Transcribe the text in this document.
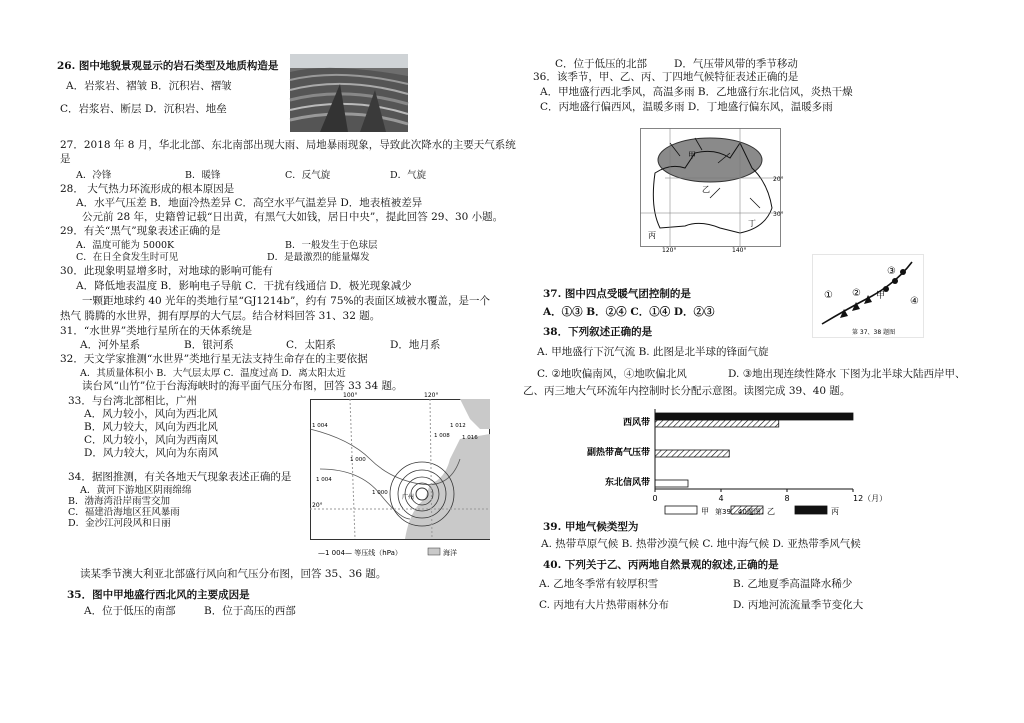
26. 图中地貌景观显示的岩石类型及地质构造是
A．岩浆岩、褶皱 B．沉积岩、褶皱
C．岩浆岩、断层 D．沉积岩、地垒
27．2018 年 8 月，华北北部、东北南部出现大雨、局地暴雨现象，导致此次降水的主要天气系统
是
A．冷锋	B．暖锋	C．反气旋	D．气旋
28． 大气热力环流形成的根本原因是
A．水平气压差 B．地面冷热差异 C．高空水平气温差异 D．地表植被差异
公元前 28 年，史籍曾记载“日出黄，有黑气大如钱，居日中央”，提此回答 29、30 小题。
29．有关“黑气”现象表述正确的是
A．温度可能为 5000K	B．一般发生于色球层
C．在日全食发生时可见	D．是最激烈的能量爆发
30．此现象明显增多时，对地球的影响可能有
A．降低地表温度 B．影响电子导航 C．干扰有线通信 D．极光现象减少
一颗距地球约 40 光年的类地行星“GJ1214b”，约有 75%的表面区域被水覆盖，是一个
热气 腾腾的水世界，拥有厚厚的大气层。结合材料回答 31、32 题。
31．“水世界”类地行星所在的天体系统是
A．河外星系	B．银河系	C．太阳系	D．地月系
32．天文学家推测“水世界”类地行星无法支持生命存在的主要依据
A．其质量体积小 B．大气层太厚 C．温度过高 D．离太阳太近
读台风“山竹”位于台海海峡时的海平面气压分布图，回答 33 34 题。
33．与台湾北部相比，广州
A．风力较小，风向为西北风
B．风力较大，风向为西北风
C．风力较小，风向为西南风
D．风力较大，风向为东南风
34．据图推测，有关各地天气现象表述正确的是
A．黄河下游地区阴雨绵绵
B．渤海湾沿岸雨雪交加
C．福建沿海地区狂风暴雨
D．金沙江河段风和日丽
100°	120°
20°
1 004
1 000
1 008
1 012
1 016
1 004
1 000
广州
—1 004— 等压线（hPa）	海洋
读某季节澳大利亚北部盛行风向和气压分布图，回答 35、36 题。
35．图中甲地盛行西北风的主要成因是
A．位于低压的南部	B．位于高压的西部
C．位于低压的北部	D．气压带风带的季节移动
36．该季节，甲、乙、丙、丁四地气候特征表述正确的是
A．甲地盛行西北季风，高温多雨 B．乙地盛行东北信风，炎热干燥
C．丙地盛行偏西风，温暖多雨 D．丁地盛行偏东风，温暖多雨
甲
乙
丙
丁
20°
30°
120°	140°
① ②
③
④
甲
第 37、38 题图
37. 图中四点受暖气团控制的是
A．①③ B．②④ C．①④ D．②③
38．下列叙述正确的是
A. 甲地盛行下沉气流 B. 此图是北半球的锋面气旋
C. ②地吹偏南风，④地吹偏北风	D. ③地出现连续性降水 下图为北半球大陆西岸甲、
乙、丙三地大气环流年内控制时长分配示意图。读图完成 39、40 题。
西风带
副热带高气压带
东北信风带
0	4	8	12（月）
甲	乙	丙
第39、40题图
39. 甲地气候类型为
A. 热带草原气候 B. 热带沙漠气候 C. 地中海气候 D. 亚热带季风气候
40. 下列关于乙、丙两地自然景观的叙述,正确的是
A. 乙地冬季常有较厚积雪	B. 乙地夏季高温降水稀少
C. 丙地有大片热带雨林分布	D. 丙地河流流量季节变化大
